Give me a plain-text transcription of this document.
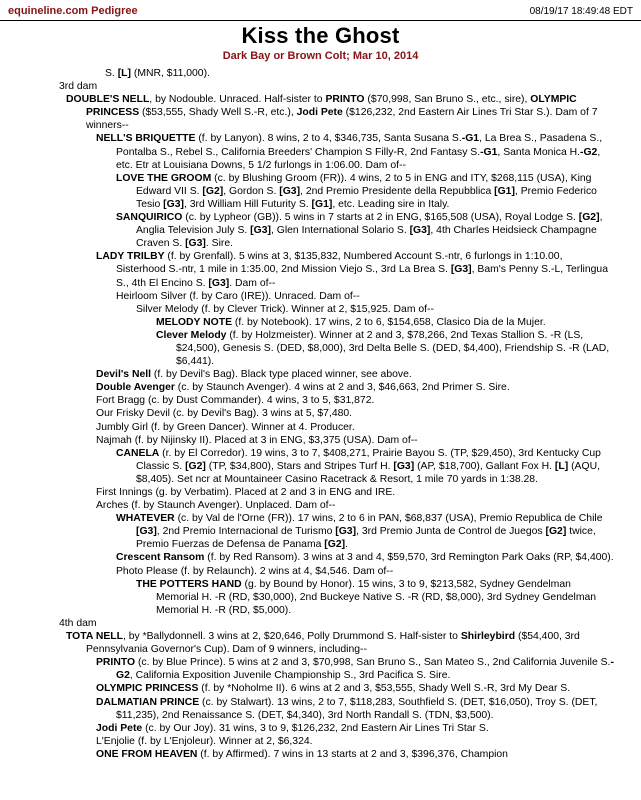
equineline.com Pedigree	08/19/17 18:49:48 EDT
Kiss the Ghost
Dark Bay or Brown Colt; Mar 10, 2014
S. [L] (MNR, $11,000).
3rd dam
DOUBLE'S NELL, by Nodouble. Unraced. Half-sister to PRINTO ($70,998, San Bruno S., etc., sire), OLYMPIC PRINCESS ($53,555, Shady Well S.-R, etc.), Jodi Pete ($126,232, 2nd Eastern Air Lines Tri Star S.). Dam of 7 winners--
NELL'S BRIQUETTE (f. by Lanyon). 8 wins, 2 to 4, $346,735, Santa Susana S.-G1, La Brea S., Pasadena S., Pontalba S., Rebel S., California Breeders' Champion S Filly-R, 2nd Fantasy S.-G1, Santa Monica H.-G2, etc. Etr at Louisiana Downs, 5 1/2 furlongs in 1:06.00. Dam of--
LOVE THE GROOM (c. by Blushing Groom (FR)). 4 wins, 2 to 5 in ENG and ITY, $268,115 (USA), King Edward VII S. [G2], Gordon S. [G3], 2nd Premio Presidente della Repubblica [G1], Premio Federico Tesio [G3], 3rd William Hill Futurity S. [G1], etc. Leading sire in Italy.
SANQUIRICO (c. by Lypheor (GB)). 5 wins in 7 starts at 2 in ENG, $165,508 (USA), Royal Lodge S. [G2], Anglia Television July S. [G3], Glen International Solario S. [G3], 4th Charles Heidsieck Champagne Craven S. [G3]. Sire.
LADY TRILBY (f. by Grenfall). 5 wins at 3, $135,832, Numbered Account S.-ntr, 6 furlongs in 1:10.00, Sisterhood S.-ntr, 1 mile in 1:35.00, 2nd Mission Viejo S., 3rd La Brea S. [G3], Bam's Penny S.-L, Terlingua S., 4th El Encino S. [G3]. Dam of--
Heirloom Silver (f. by Caro (IRE)). Unraced. Dam of--
Silver Melody (f. by Clever Trick). Winner at 2, $15,925. Dam of--
MELODY NOTE (f. by Notebook). 17 wins, 2 to 6, $154,658, Clasico Dia de la Mujer.
Clever Melody (f. by Holzmeister). Winner at 2 and 3, $78,266, 2nd Texas Stallion S. -R (LS, $24,500), Genesis S. (DED, $8,000), 3rd Delta Belle S. (DED, $4,400), Friendship S. -R (LAD, $6,441).
Devil's Nell (f. by Devil's Bag). Black type placed winner, see above.
Double Avenger (c. by Staunch Avenger). 4 wins at 2 and 3, $46,663, 2nd Primer S. Sire.
Fort Bragg (c. by Dust Commander). 4 wins, 3 to 5, $31,872.
Our Frisky Devil (c. by Devil's Bag). 3 wins at 5, $7,480.
Jumbly Girl (f. by Green Dancer). Winner at 4. Producer.
Najmah (f. by Nijinsky II). Placed at 3 in ENG, $3,375 (USA). Dam of--
CANELA (r. by El Corredor). 19 wins, 3 to 7, $408,271, Prairie Bayou S. (TP, $29,450), 3rd Kentucky Cup Classic S. [G2] (TP, $34,800), Stars and Stripes Turf H. [G3] (AP, $18,700), Gallant Fox H. [L] (AQU, $8,405). Set ncr at Mountaineer Casino Racetrack & Resort, 1 mile 70 yards in 1:38.28.
First Innings (g. by Verbatim). Placed at 2 and 3 in ENG and IRE.
Arches (f. by Staunch Avenger). Unplaced. Dam of--
WHATEVER (c. by Val de l'Orne (FR)). 17 wins, 2 to 6 in PAN, $68,837 (USA), Premio Republica de Chile [G3], 2nd Premio Internacional de Turismo [G3], 3rd Premio Junta de Control de Juegos [G2] twice, Premio Fuerzas de Defensa de Panama [G2].
Crescent Ransom (f. by Red Ransom). 3 wins at 3 and 4, $59,570, 3rd Remington Park Oaks (RP, $4,400).
Photo Please (f. by Relaunch). 2 wins at 4, $4,546. Dam of--
THE POTTERS HAND (g. by Bound by Honor). 15 wins, 3 to 9, $213,582, Sydney Gendelman Memorial H. -R (RD, $30,000), 2nd Buckeye Native S. -R (RD, $8,000), 3rd Sydney Gendelman Memorial H. -R (RD, $5,000).
4th dam
TOTA NELL, by *Ballydonnell. 3 wins at 2, $20,646, Polly Drummond S. Half-sister to Shirleybird ($54,400, 3rd Pennsylvania Governor's Cup). Dam of 9 winners, including--
PRINTO (c. by Blue Prince). 5 wins at 2 and 3, $70,998, San Bruno S., San Mateo S., 2nd California Juvenile S.-G2, California Exposition Juvenile Championship S., 3rd Pacifica S. Sire.
OLYMPIC PRINCESS (f. by *Noholme II). 6 wins at 2 and 3, $53,555, Shady Well S.-R, 3rd My Dear S.
DALMATIAN PRINCE (c. by Stalwart). 13 wins, 2 to 7, $118,283, Southfield S. (DET, $16,050), Troy S. (DET, $11,235), 2nd Renaissance S. (DET, $4,340), 3rd North Randall S. (TDN, $3,500).
Jodi Pete (c. by Our Joy). 31 wins, 3 to 9, $126,232, 2nd Eastern Air Lines Tri Star S.
L'Enjolie (f. by L'Enjoleur). Winner at 2, $6,324.
ONE FROM HEAVEN (f. by Affirmed). 7 wins in 13 starts at 2 and 3, $396,376, Champion
